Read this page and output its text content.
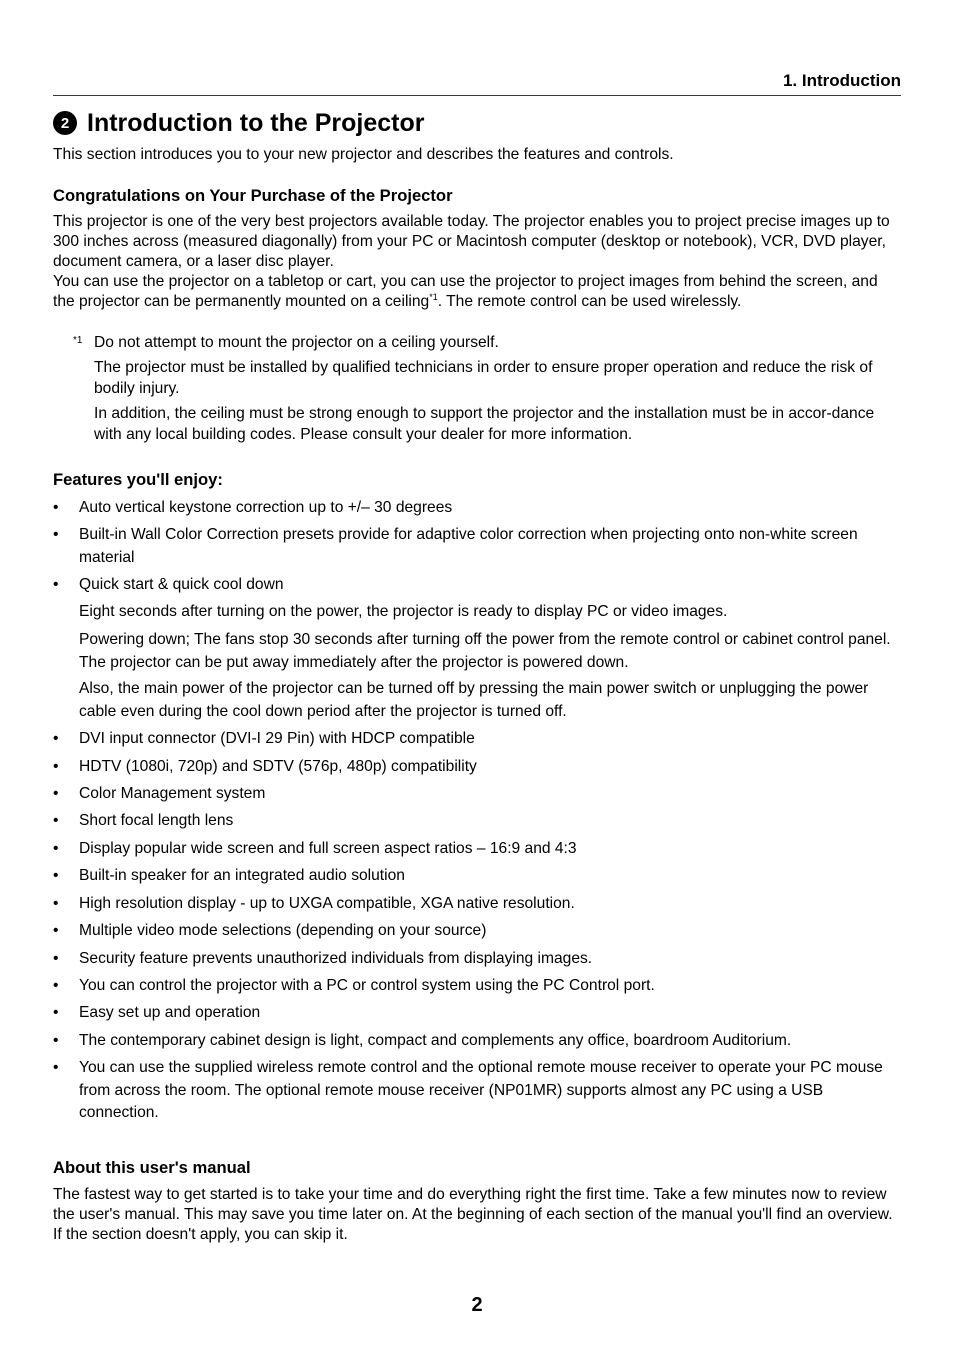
1. Introduction
2 Introduction to the Projector
This section introduces you to your new projector and describes the features and controls.
Congratulations on Your Purchase of the Projector
This projector is one of the very best projectors available today. The projector enables you to project precise images up to 300 inches across (measured diagonally) from your PC or Macintosh computer (desktop or notebook), VCR, DVD player, document camera, or a laser disc player.
You can use the projector on a tabletop or cart, you can use the projector to project images from behind the screen, and the projector can be permanently mounted on a ceiling$^{*1}$. The remote control can be used wirelessly.
*1 Do not attempt to mount the projector on a ceiling yourself.
The projector must be installed by qualified technicians in order to ensure proper operation and reduce the risk of bodily injury.
In addition, the ceiling must be strong enough to support the projector and the installation must be in accor-dance with any local building codes. Please consult your dealer for more information.
Features you'll enjoy:
• Auto vertical keystone correction up to +/– 30 degrees
• Built-in Wall Color Correction presets provide for adaptive color correction when projecting onto non-white screen material
• Quick start & quick cool down
• DVI input connector (DVI-I 29 Pin) with HDCP compatible
• HDTV (1080i, 720p) and SDTV (576p, 480p) compatibility
• Color Management system
• Short focal length lens
• Display popular wide screen and full screen aspect ratios – 16:9 and 4:3
• Built-in speaker for an integrated audio solution
• High resolution display - up to UXGA compatible, XGA native resolution.
• Multiple video mode selections (depending on your source)
• Security feature prevents unauthorized individuals from displaying images.
• You can control the projector with a PC or control system using the PC Control port.
• Easy set up and operation
• The contemporary cabinet design is light, compact and complements any office, boardroom Auditorium.
• You can use the supplied wireless remote control and the optional remote mouse receiver to operate your PC mouse from across the room. The optional remote mouse receiver (NP01MR) supports almost any PC using a USB connection.
Eight seconds after turning on the power, the projector is ready to display PC or video images.
Powering down; The fans stop 30 seconds after turning off the power from the remote control or cabinet control panel. The projector can be put away immediately after the projector is powered down.
Also, the main power of the projector can be turned off by pressing the main power switch or unplugging the power cable even during the cool down period after the projector is turned off.
About this user's manual
The fastest way to get started is to take your time and do everything right the first time. Take a few minutes now to review the user's manual. This may save you time later on. At the beginning of each section of the manual you'll find an overview. If the section doesn't apply, you can skip it.
2
